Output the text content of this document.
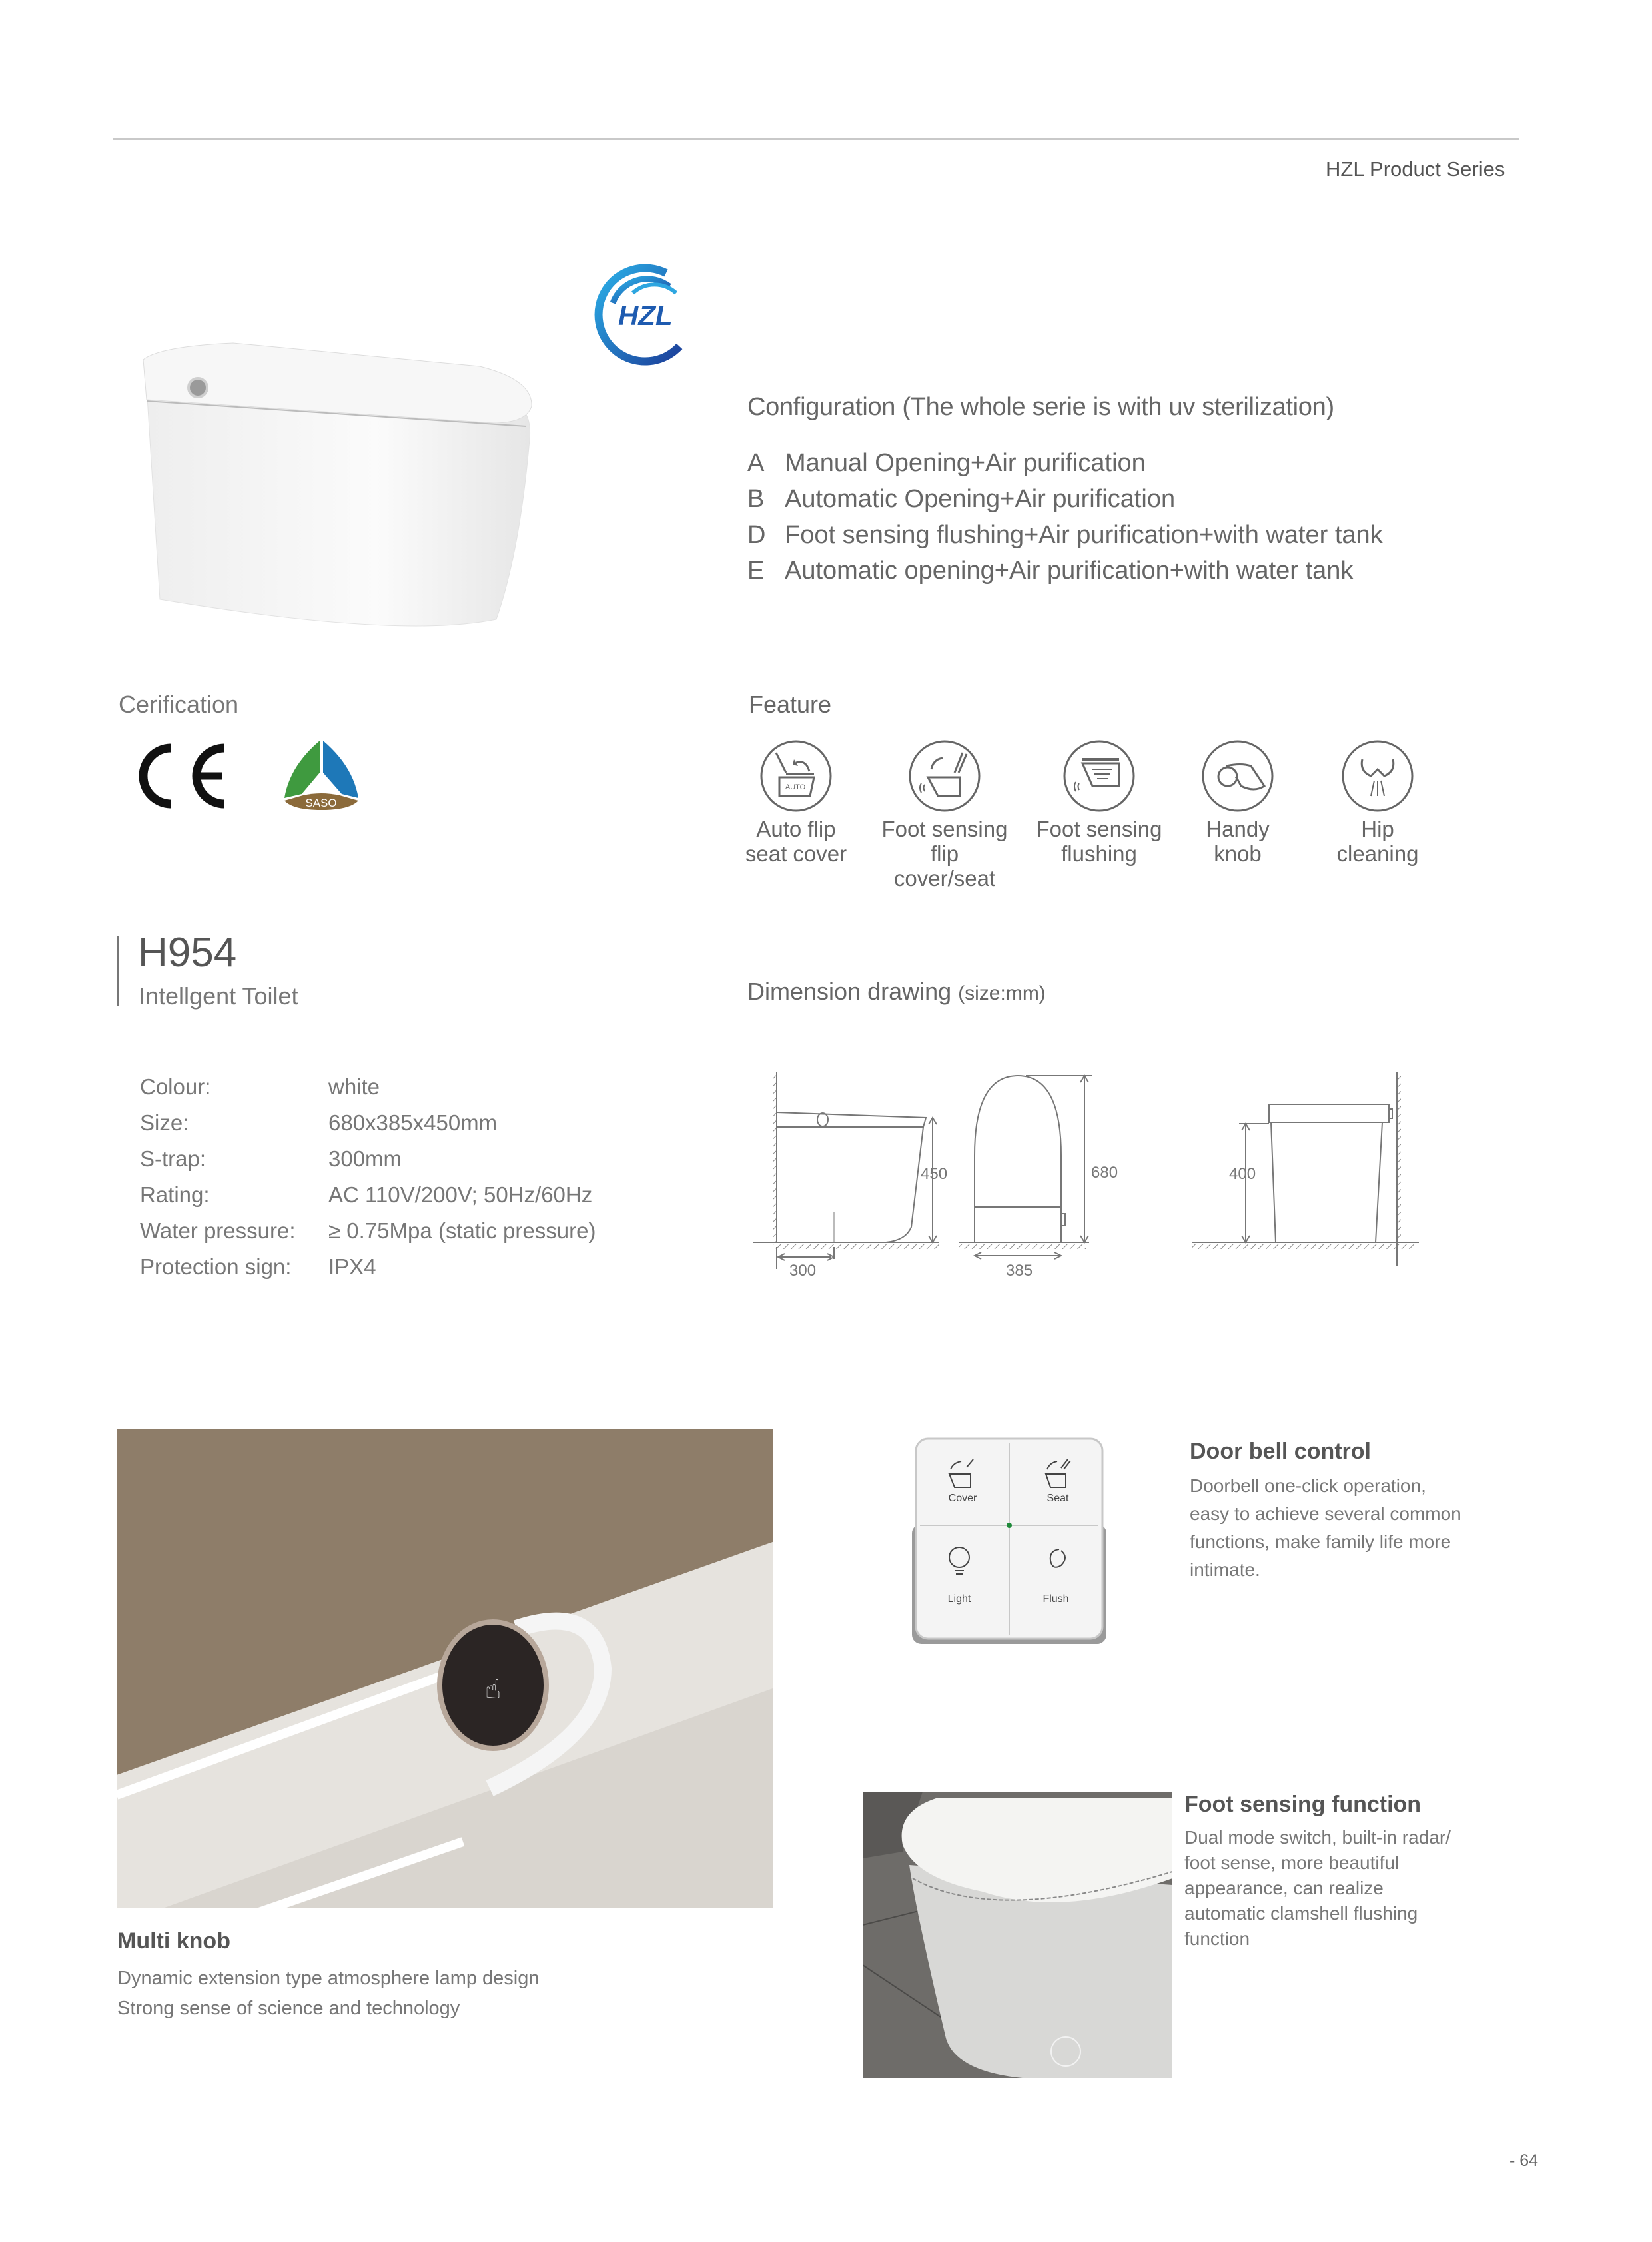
HZL Product Series
HZL
Configuration (The whole serie is with uv sterilization)
A Manual Opening+Air purification
B Automatic Opening+Air purification
D Foot sensing flushing+Air purification+with water tank
E Automatic opening+Air purification+with water tank
Cerification
SASO
Feature
AUTO
Auto flip
seat cover
Foot sensing
flip cover/seat
Foot sensing
flushing
Handy
knob
Hip
cleaning
H954
Intellgent Toilet
Colour:	white
Size:	680x385x450mm
S-trap:	300mm
Rating:	AC 110V/200V; 50Hz/60Hz
Water pressure:	≥ 0.75Mpa (static pressure)
Protection sign:	IPX4
Dimension drawing (size:mm)
450
300
680
385
400
☝
Multi knob
Dynamic extension type atmosphere lamp design
Strong sense of science and technology
Cover	Seat
Light	Flush
Door bell control
Doorbell one-click operation,
easy to achieve several common
functions, make family life more
intimate.
Foot sensing function
Dual mode switch, built-in radar/
foot sense, more beautiful
appearance, can realize
automatic clamshell flushing
function
- 64
